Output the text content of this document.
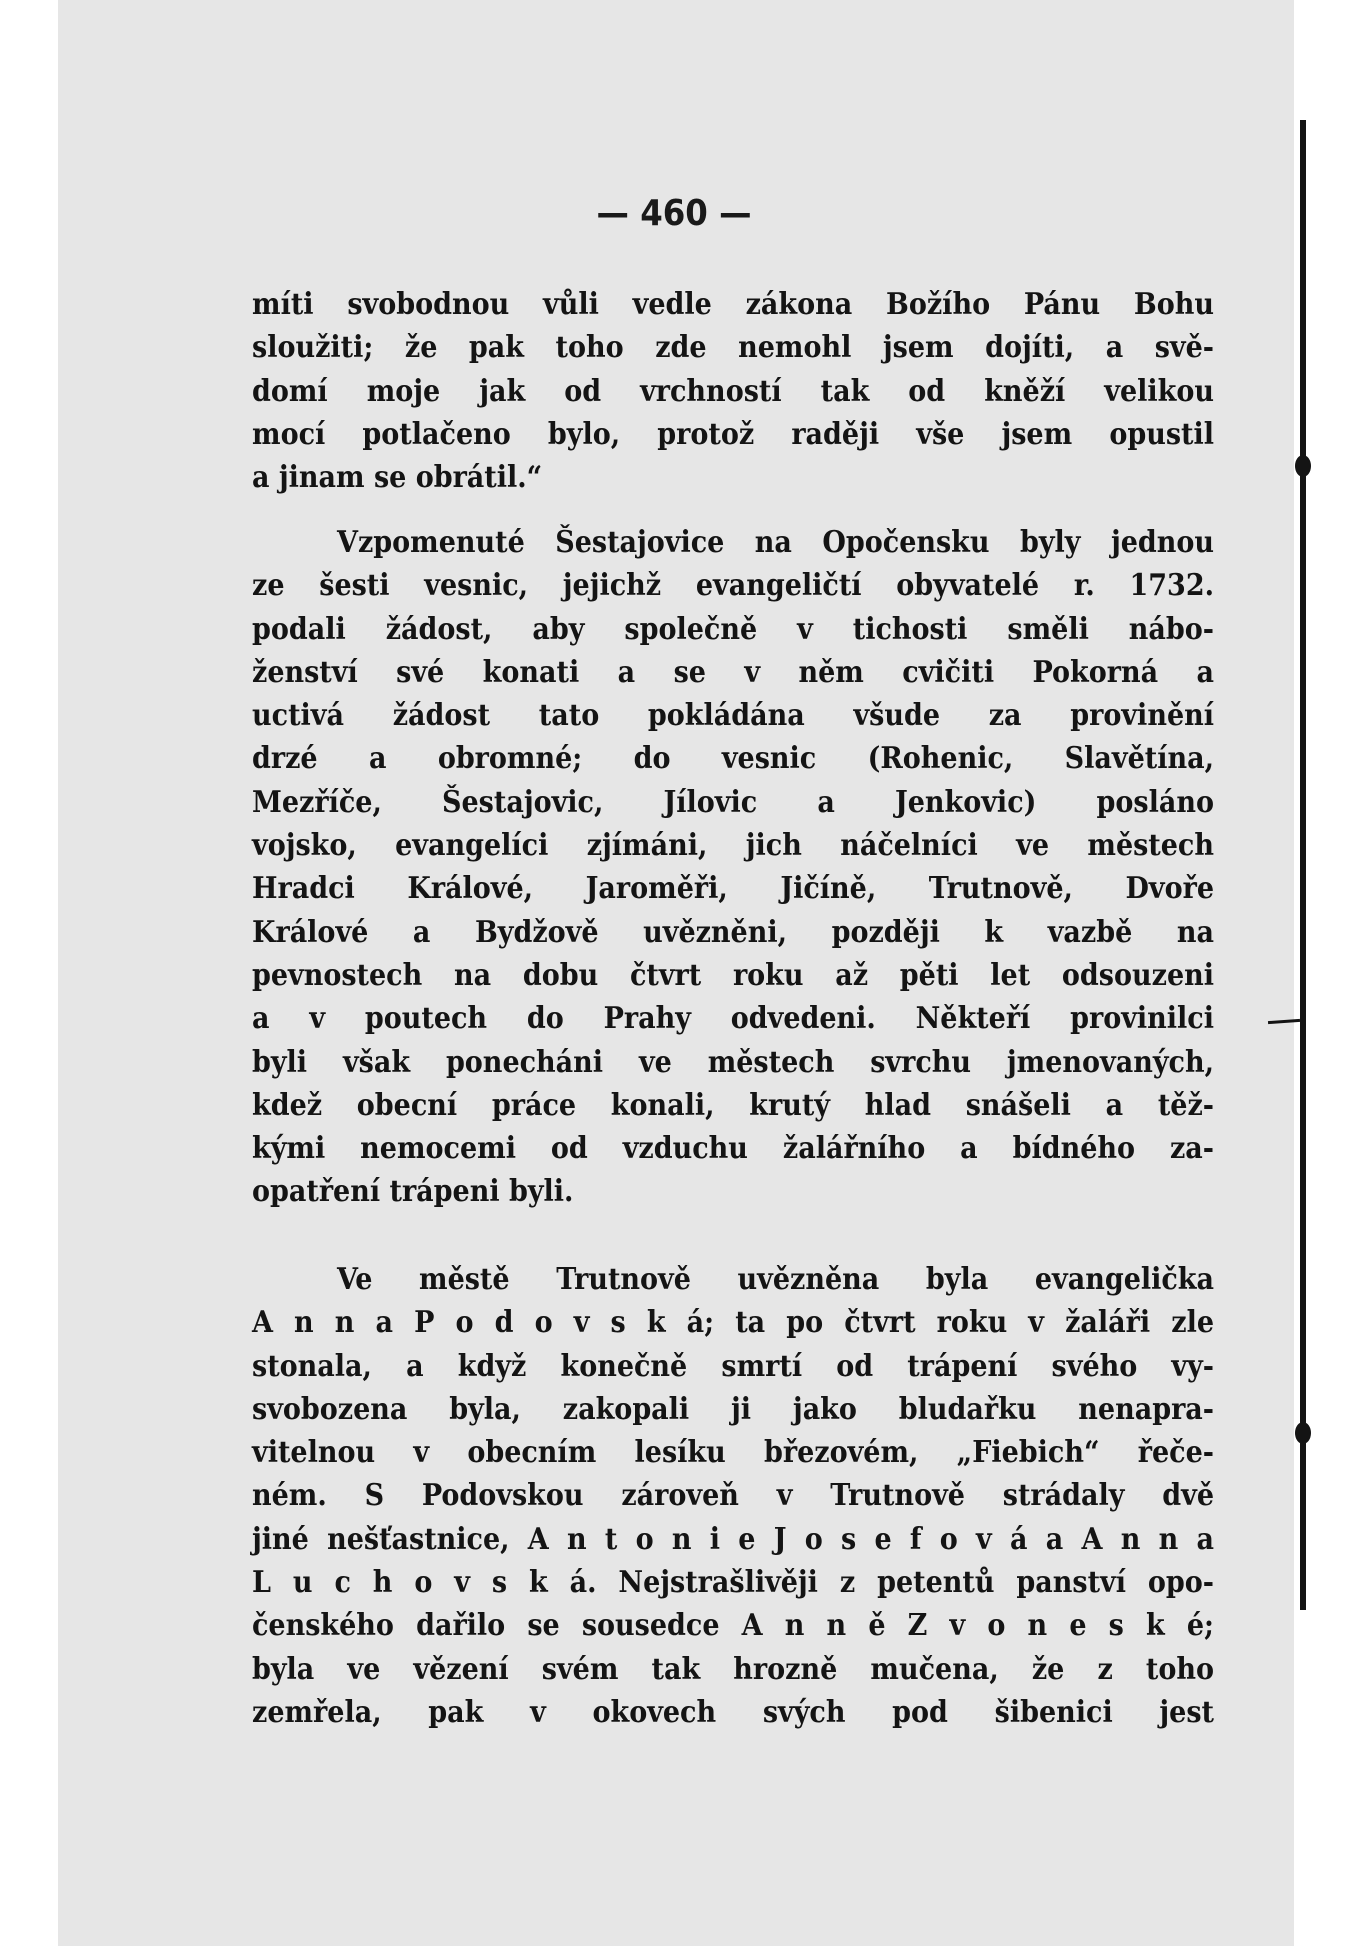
— 460 —
míti svobodnou vůli vedle zákona Božího Pánu Bohu
sloužiti; že pak toho zde nemohl jsem dojíti, a svě-
domí moje jak od vrchností tak od kněží velikou
mocí potlačeno bylo, protož raději vše jsem opustil
a jinam se obrátil.“
Vzpomenuté Šestajovice na Opočensku byly jednou
ze šesti vesnic, jejichž evangeličtí obyvatelé r. 1732.
podali žádost, aby společně v tichosti směli nábo-
ženství své konati a se v něm cvičiti Pokorná a
uctivá žádost tato pokládána všude za provinění
drzé a obromné; do vesnic (Rohenic, Slavětína,
Mezříče, Šestajovic, Jílovic a Jenkovic) posláno
vojsko, evangelíci zjímáni, jich náčelníci ve městech
Hradci Králové, Jaroměři, Jičíně, Trutnově, Dvoře
Králové a Bydžově uvězněni, později k vazbě na
pevnostech na dobu čtvrt roku až pěti let odsouzeni
a v poutech do Prahy odvedeni. Někteří provinilci
byli však ponecháni ve městech svrchu jmenovaných,
kdež obecní práce konali, krutý hlad snášeli a těž-
kými nemocemi od vzduchu žalářního a bídného za-
opatření trápeni byli.
Ve městě Trutnově uvězněna byla evangelička
A n n a P o d o v s k á; ta po čtvrt roku v žaláři zle
stonala, a když konečně smrtí od trápení svého vy-
svobozena byla, zakopali ji jako bludařku nenapra-
vitelnou v obecním lesíku březovém, „Fiebich“ řeče-
ném. S Podovskou zároveň v Trutnově strádaly dvě
jiné nešťastnice, A n t o n i e J o s e f o v á a A n n a
L u c h o v s k á. Nejstrašlivěji z petentů panství opo-
čenského dařilo se sousedce A n n ě Z v o n e s k é;
byla ve vězení svém tak hrozně mučena, že z toho
zemřela, pak v okovech svých pod šibenici jest
